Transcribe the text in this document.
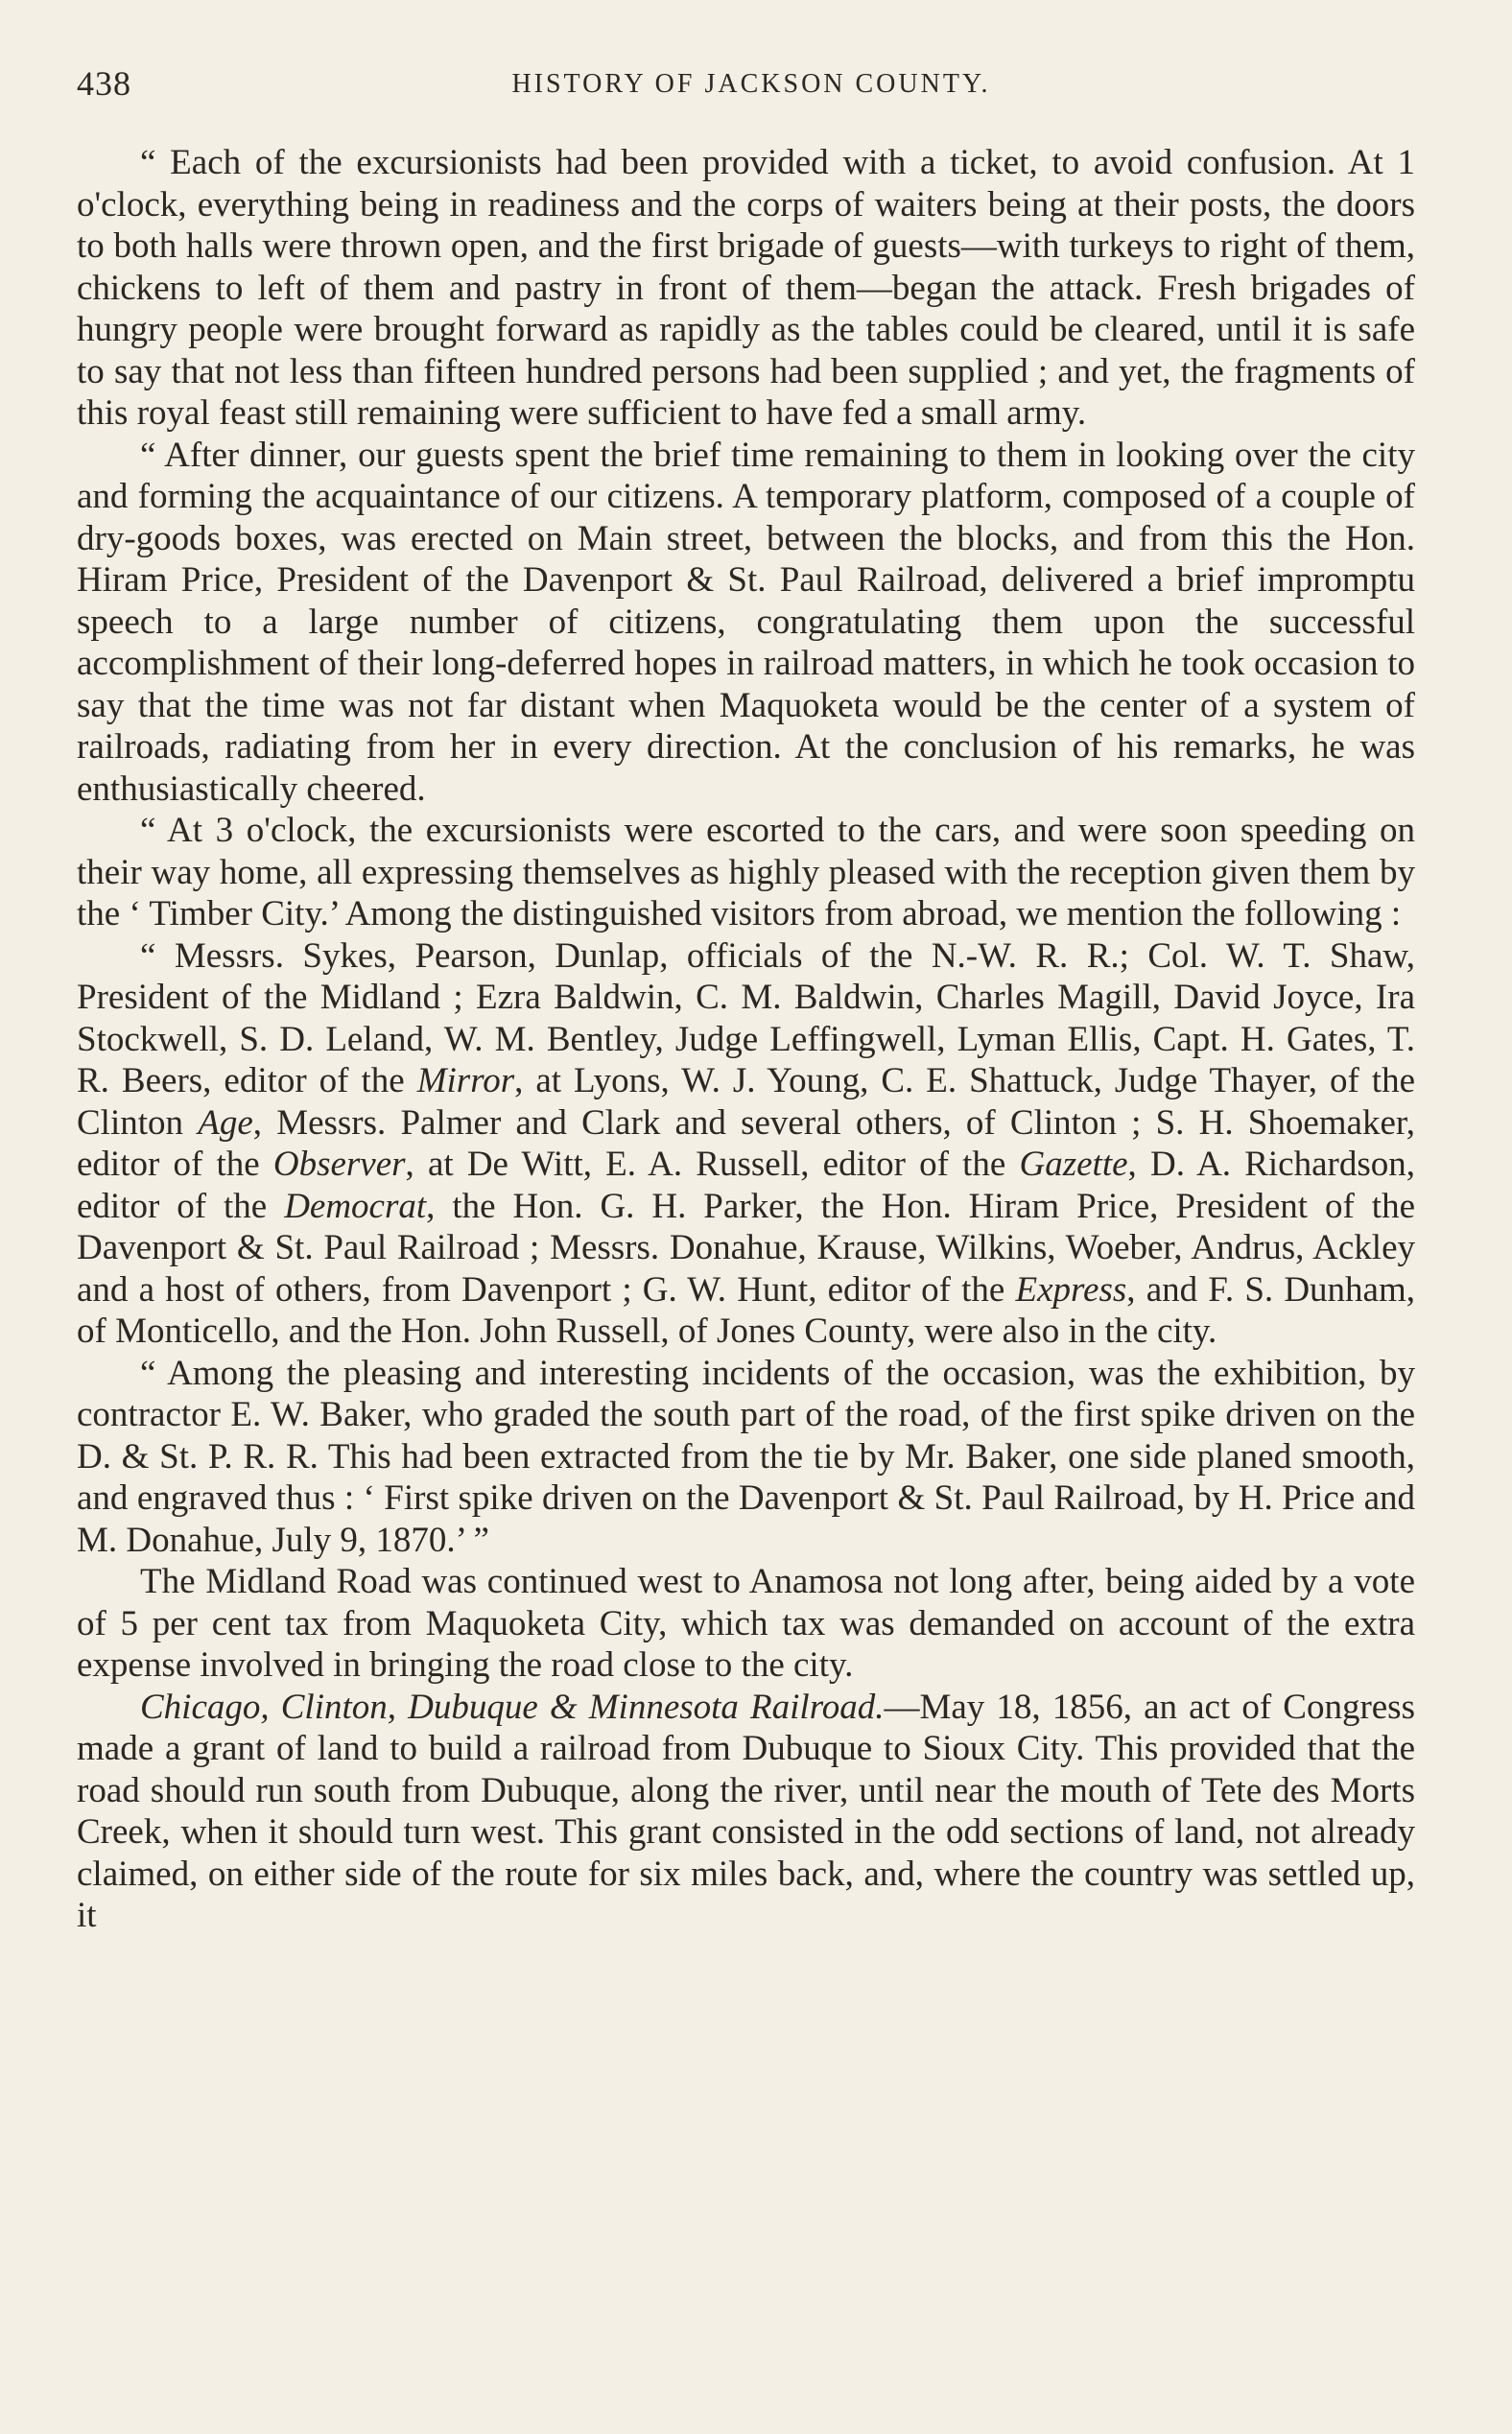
438	HISTORY OF JACKSON COUNTY.

“ Each of the excursionists had been provided with a ticket, to avoid confusion. At 1 o'clock, everything being in readiness and the corps of waiters being at their posts, the doors to both halls were thrown open, and the first brigade of guests—with turkeys to right of them, chickens to left of them and pastry in front of them—began the attack. Fresh brigades of hungry people were brought forward as rapidly as the tables could be cleared, until it is safe to say that not less than fifteen hundred persons had been supplied ; and yet, the fragments of this royal feast still remaining were sufficient to have fed a small army.

“ After dinner, our guests spent the brief time remaining to them in looking over the city and forming the acquaintance of our citizens. A temporary platform, composed of a couple of dry-goods boxes, was erected on Main street, between the blocks, and from this the Hon. Hiram Price, President of the Davenport & St. Paul Railroad, delivered a brief impromptu speech to a large number of citizens, congratulating them upon the successful accomplishment of their long-deferred hopes in railroad matters, in which he took occasion to say that the time was not far distant when Maquoketa would be the center of a system of railroads, radiating from her in every direction. At the conclusion of his remarks, he was enthusiastically cheered.

“ At 3 o'clock, the excursionists were escorted to the cars, and were soon speeding on their way home, all expressing themselves as highly pleased with the reception given them by the ‘ Timber City.’ Among the distinguished visitors from abroad, we mention the following :

“ Messrs. Sykes, Pearson, Dunlap, officials of the N.-W. R. R.; Col. W. T. Shaw, President of the Midland ; Ezra Baldwin, C. M. Baldwin, Charles Magill, David Joyce, Ira Stockwell, S. D. Leland, W. M. Bentley, Judge Leffingwell, Lyman Ellis, Capt. H. Gates, T. R. Beers, editor of the Mirror, at Lyons, W. J. Young, C. E. Shattuck, Judge Thayer, of the Clinton Age, Messrs. Palmer and Clark and several others, of Clinton ; S. H. Shoemaker, editor of the Observer, at De Witt, E. A. Russell, editor of the Gazette, D. A. Richardson, editor of the Democrat, the Hon. G. H. Parker, the Hon. Hiram Price, President of the Davenport & St. Paul Railroad ; Messrs. Donahue, Krause, Wilkins, Woeber, Andrus, Ackley and a host of others, from Davenport ; G. W. Hunt, editor of the Express, and F. S. Dunham, of Monticello, and the Hon. John Russell, of Jones County, were also in the city.

“ Among the pleasing and interesting incidents of the occasion, was the exhibition, by contractor E. W. Baker, who graded the south part of the road, of the first spike driven on the D. & St. P. R. R. This had been extracted from the tie by Mr. Baker, one side planed smooth, and engraved thus : ‘ First spike driven on the Davenport & St. Paul Railroad, by H. Price and M. Donahue, July 9, 1870.’ ”

The Midland Road was continued west to Anamosa not long after, being aided by a vote of 5 per cent tax from Maquoketa City, which tax was demanded on account of the extra expense involved in bringing the road close to the city.

Chicago, Clinton, Dubuque & Minnesota Railroad.—May 18, 1856, an act of Congress made a grant of land to build a railroad from Dubuque to Sioux City. This provided that the road should run south from Dubuque, along the river, until near the mouth of Tete des Morts Creek, when it should turn west. This grant consisted in the odd sections of land, not already claimed, on either side of the route for six miles back, and, where the country was settled up, it
